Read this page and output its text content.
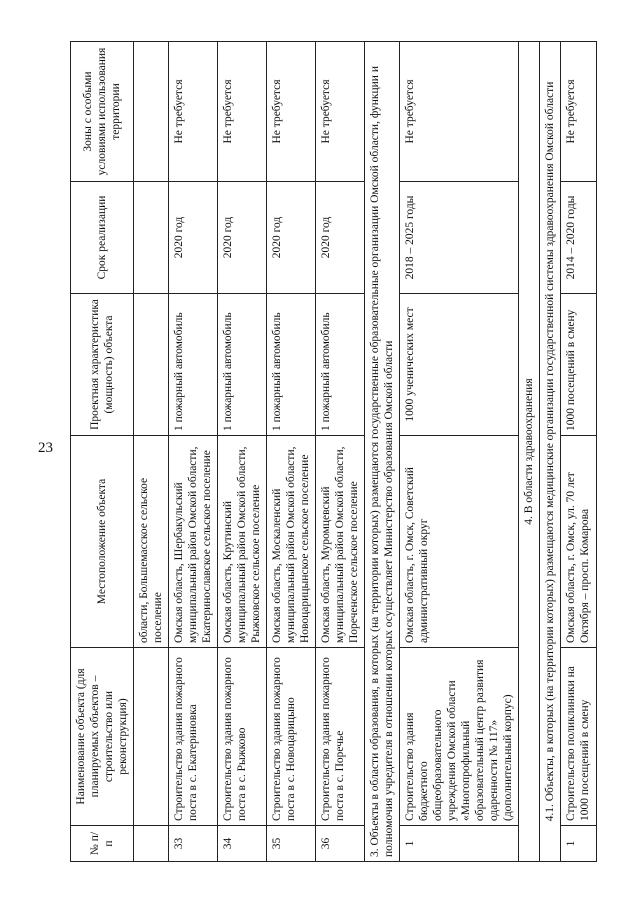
23
№ п/п	Наименование объекта (для планируемых объектов – строительство или реконструкция)	Местоположение объекта	Проектная характеристика (мощность) объекта	Срок реализации	Зоны с особыми условиями использования территории
		области, Большемасское сельское поселение			
33	Строительство здания пожарного поста в с. Екатериновка	Омская область, Шербакульский муниципальный район Омской области, Екатеринославское сельское поселение	1 пожарный автомобиль	2020 год	Не требуется
34	Строительство здания пожарного поста в с. Рыжково	Омская область, Крутинский муниципальный район Омской области, Рыжковское сельское поселение	1 пожарный автомобиль	2020 год	Не требуется
35	Строительство здания пожарного поста в с. Новоцарицыно	Омская область, Москаленский муниципальный район Омской области, Новоцарицынское сельское поселение	1 пожарный автомобиль	2020 год	Не требуется
36	Строительство здания пожарного поста в с. Поречье	Омская область, Муромцевский муниципальный район Омской области, Пореченское сельское поселение	1 пожарный автомобиль	2020 год	Не требуется
3. Объекты в области образования, в которых (на территории которых) размещаются государственные образовательные организации Омской области, функции и полномочия учредителя в отношении которых осуществляет Министерство образования Омской области					
1	Строительство здания бюджетного общеобразовательного учреждения Омской области «Многопрофильный образовательный центр развития одаренности № 117» (дополнительный корпус)	Омская область, г. Омск, Советский административный округ	1000 ученических мест	2018 – 2025 годы	Не требуется
4. В области здравоохранения					
4.1. Объекты, в которых (на территории которых) размещаются медицинские организации государственной системы здравоохранения Омской области					
1	Строительство поликлиники на 1000 посещений в смену	Омская область, г. Омск, ул. 70 лет Октября – просп. Комарова	1000 посещений в смену	2014 – 2020 годы	Не требуется
